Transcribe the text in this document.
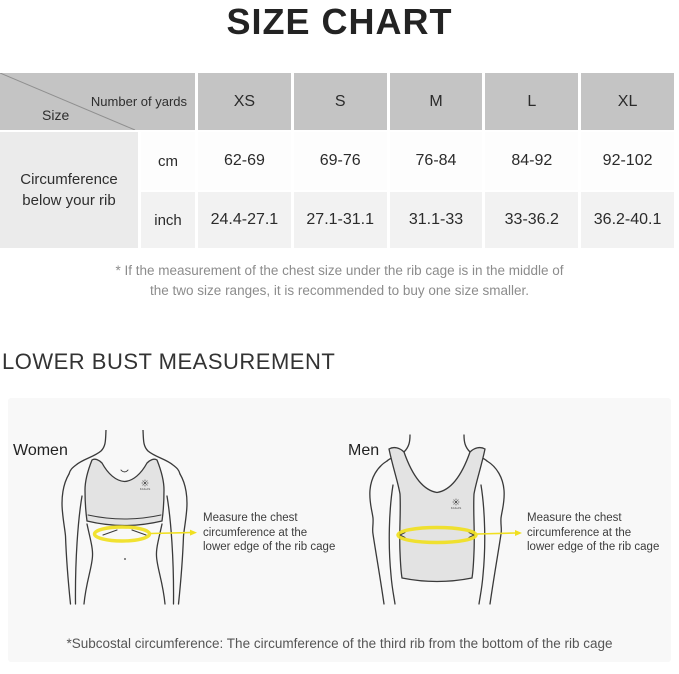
SIZE CHART
Number of yards
Size
XS	S	M	L	XL
Circumference below your rib
cm	62-69	69-76	76-84	84-92	92-102
inch	24.4-27.1	27.1-31.1	31.1-33	33-36.2	36.2-40.1
* If the measurement of the chest size under the rib cage is in the middle of
the two size ranges, it is recommended to buy one size smaller.
LOWER BUST MEASUREMENT
Women	Men
KAILAS
KAILAS
Measure the chest
circumference at the
lower edge of the rib cage
Measure the chest
circumference at the
lower edge of the rib cage
*Subcostal circumference: The circumference of the third rib from the bottom of the rib cage
